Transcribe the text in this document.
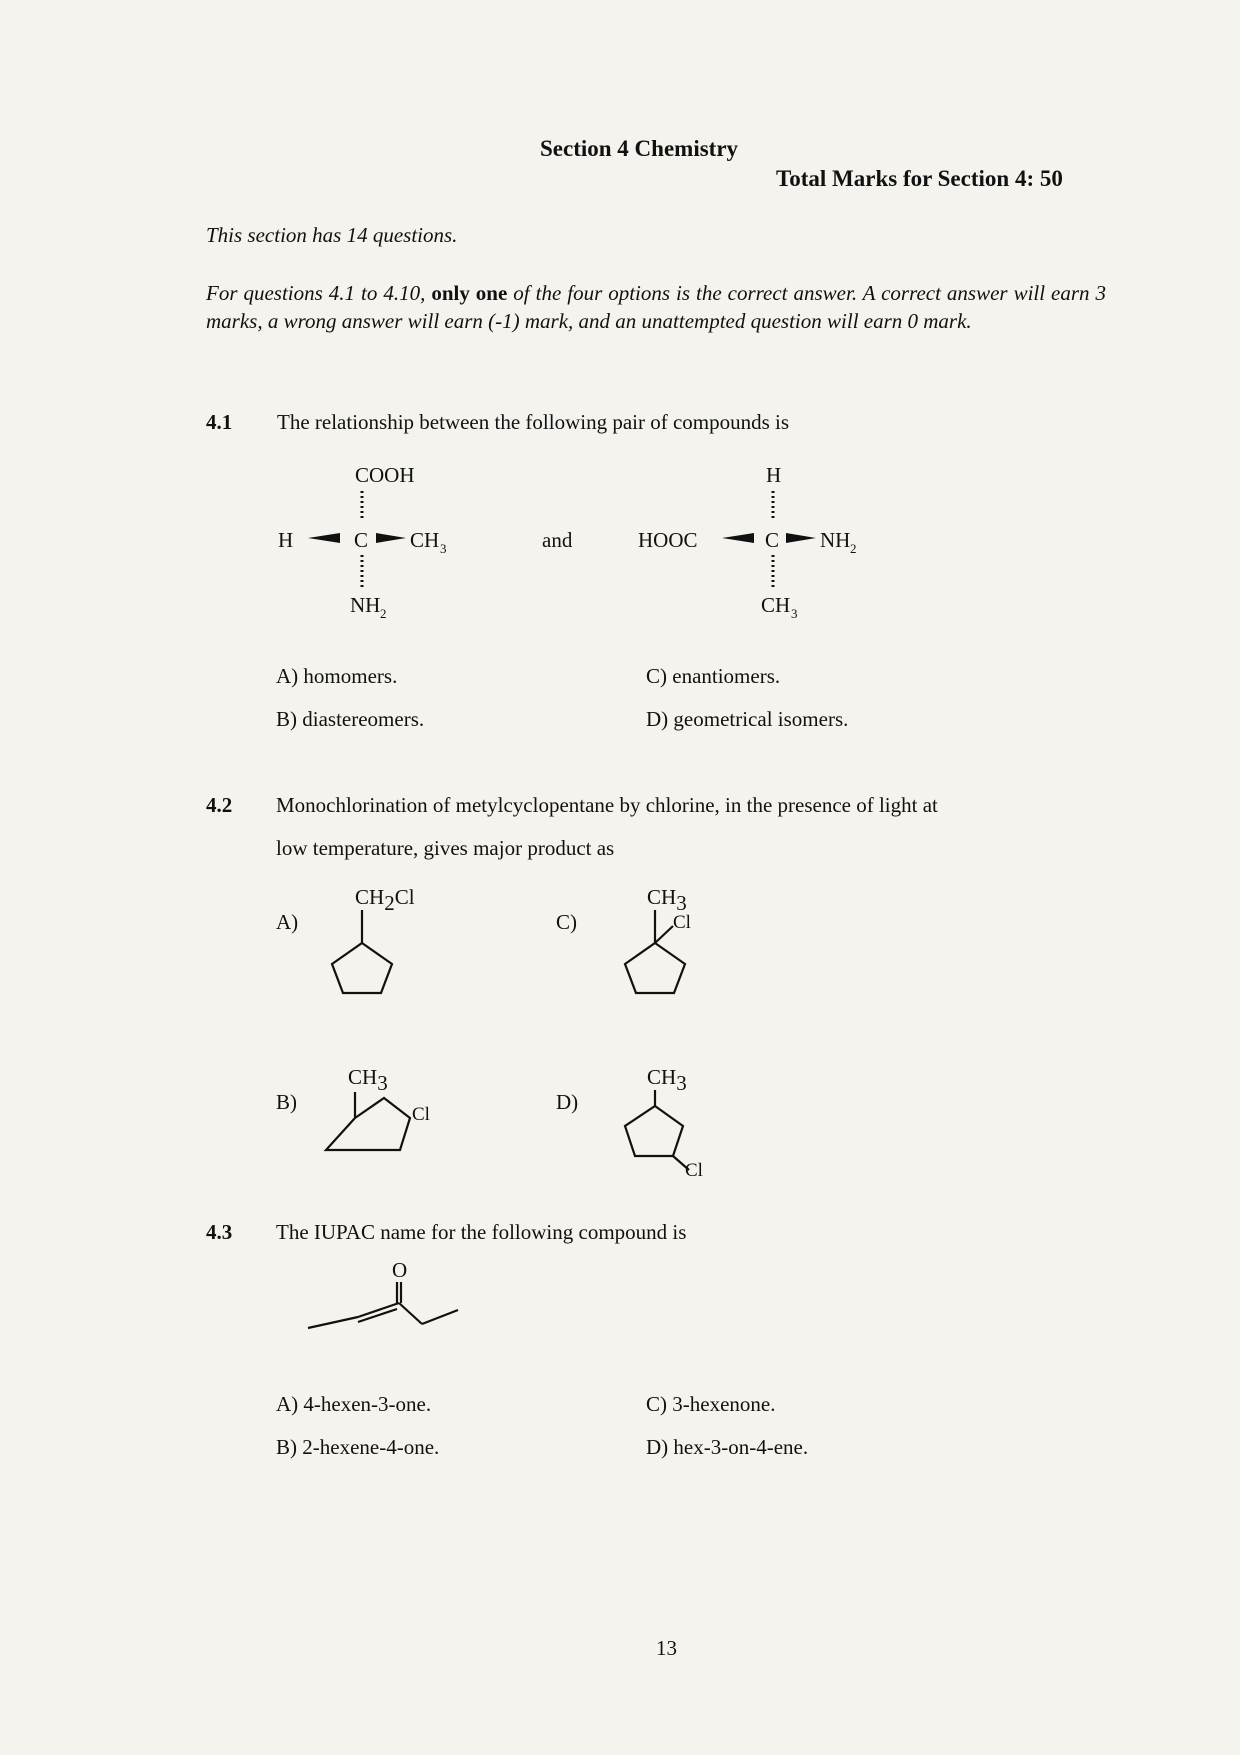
Section 4 Chemistry
Total Marks for Section 4: 50
This section has 14 questions.
For questions 4.1 to 4.10, only one of the four options is the correct answer. A correct answer will earn 3 marks, a wrong answer will earn (-1) mark, and an unattempted question will earn 0 mark.
4.1 The relationship between the following pair of compounds is
COOH
H	C CH 3
NH 2
and
H
HOOC	C NH 2
CH 3
A) homomers.
B) diastereomers.
C) enantiomers.
D) geometrical isomers.
4.2 Monochlorination of metylcyclopentane by chlorine, in the presence of light at
low temperature, gives major product as
A)
CH2Cl
C)
CH3
Cl
B)
CH3
Cl
D)
CH3
Cl
4.3 The IUPAC name for the following compound is
O
A) 4-hexen-3-one.
B) 2-hexene-4-one.
C) 3-hexenone.
D) hex-3-on-4-ene.
13
